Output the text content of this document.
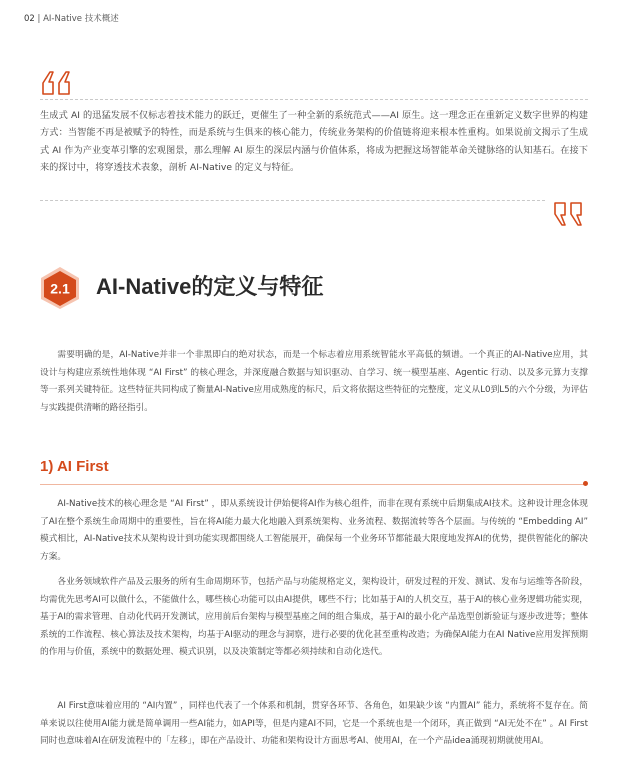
02 | AI-Native 技术概述
生成式 AI 的迅猛发展不仅标志着技术能力的跃迁，更催生了一种全新的系统范式——AI 原生。这一理念正在重新定义数字世界的构建方式：当智能不再是被赋予的特性，而是系统与生俱来的核心能力，传统业务架构的价值链将迎来根本性重构。如果说前文揭示了生成式 AI 作为产业变革引擎的宏观图景，那么理解 AI 原生的深层内涵与价值体系，将成为把握这场智能革命关键脉络的认知基石。在接下来的探讨中，将穿透技术表象，剖析 AI-Native 的定义与特征。
2.1 AI-Native的定义与特征
需要明确的是，AI-Native并非一个非黑即白的绝对状态，而是一个标志着应用系统智能水平高低的频谱。一个真正的AI-Native应用，其设计与构建应系统性地体现 “AI First” 的核心理念，并深度融合数据与知识驱动、自学习、统一模型基座、Agentic 行动、以及多元算力支撑等一系列关键特征。这些特征共同构成了衡量AI-Native应用成熟度的标尺，后文将依据这些特征的完整度，定义从L0到L5的六个分级，为评估与实践提供清晰的路径指引。
1) AI First
AI-Native技术的核心理念是 “AI First” ，即从系统设计伊始便将AI作为核心组件，而非在现有系统中后期集成AI技术。这种设计理念体现了AI在整个系统生命周期中的重要性，旨在将AI能力最大化地融入到系统架构、业务流程、数据流转等各个层面。与传统的 “Embedding AI” 模式相比，AI-Native技术从架构设计到功能实现都围绕人工智能展开，确保每一个业务环节都能最大限度地发挥AI的优势，提供智能化的解决方案。
各业务领域软件产品及云服务的所有生命周期环节，包括产品与功能规格定义，架构设计，研发过程的开发、测试、发布与运维等各阶段，均需优先思考AI可以做什么，不能做什么，哪些核心功能可以由AI提供，哪些不行；比如基于AI的人机交互，基于AI的核心业务逻辑功能实现，基于AI的需求管理、自动化代码开发测试，应用前后台架构与模型基座之间的组合集成，基于AI的最小化产品选型创新验证与逐步改进等；整体系统的工作流程、核心算法及技术架构，均基于AI驱动的理念与洞察，进行必要的优化甚至重构改造；为确保AI能力在AI Native应用发挥预期的作用与价值，系统中的数据处理、模式识别，以及决策制定等都必须持续和自动化迭代。
AI First意味着应用的 “AI内置” ，同样也代表了一个体系和机制，贯穿各环节、各角色，如果缺少该 “内置AI” 能力，系统将不复存在。简单来说以往使用AI能力就是简单调用一些AI能力，如API等，但是内建AI不同，它是一个系统也是一个闭环，真正做到 “AI无处不在” 。AI First同时也意味着AI在研发流程中的「左移」，即在产品设计、功能和架构设计方面思考AI、使用AI，在一个产品idea涌现初期就使用AI。
